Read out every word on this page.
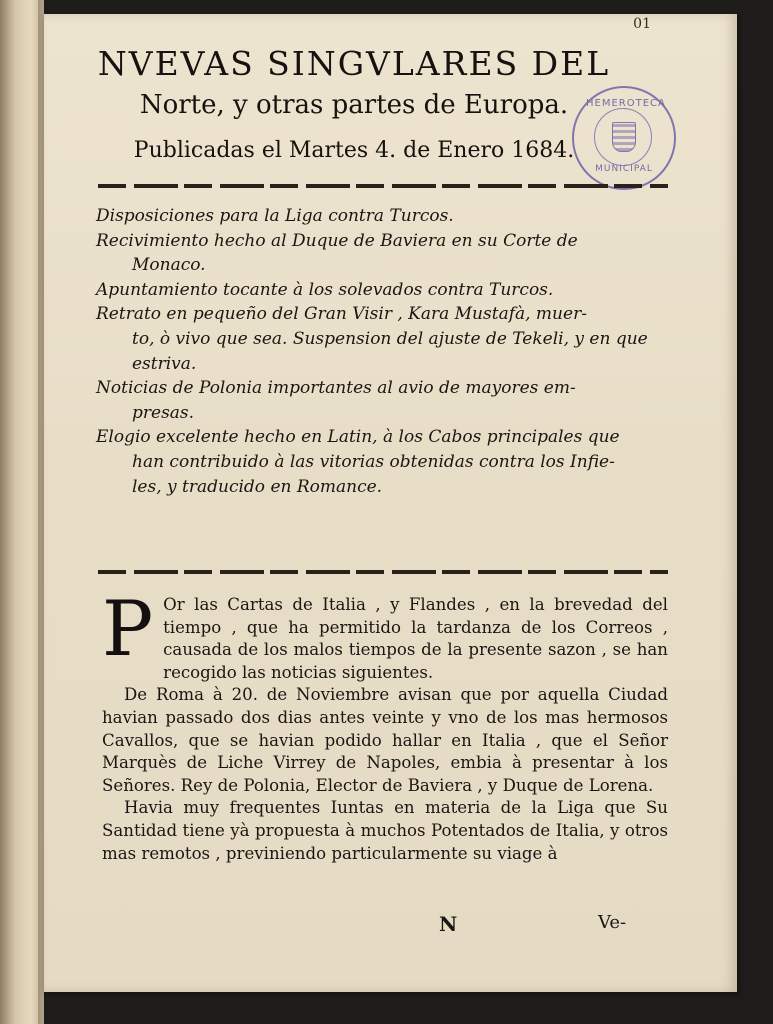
01
NVEVAS SINGVLARES DEL
Norte, y otras partes de Europa.
Publicadas el Martes 4. de Enero 1684.
HEMEROTECA
MUNICIPAL
Disposiciones para la Liga contra Turcos.
Recivimiento hecho al Duque de Baviera en su Corte de
Monaco.
Apuntamiento tocante à los solevados contra Turcos.
Retrato en pequeño del Gran Visir , Kara Mustafà, muer-
to, ò vivo que sea. Suspension del ajuste de Tekeli, y en que
estriva.
Noticias de Polonia importantes al avio de mayores em-
presas.
Elogio excelente hecho en Latin, à los Cabos principales que
han contribuido à las vitorias obtenidas contra los Infie-
les, y traducido en Romance.

P Or las Cartas de Italia , y Flandes , en la brevedad del tiempo , que ha permitido la tardanza de los Correos , causada de los malos tiempos de la presente sazon , se han recogido las noticias siguientes.

De Roma à 20. de Noviembre avisan que por aquella Ciudad havian passado dos dias antes veinte y vno de los mas hermosos Cavallos, que se havian podido hallar en Italia , que el Señor Marquès de Liche Virrey de Napoles, embia à presentar à los Señores. Rey de Polonia, Elector de Baviera , y Duque de Lorena.

Havia muy frequentes Iuntas en materia de la Liga que Su Santidad tiene yà propuesta à muchos Potentados de Italia, y otros mas remotos , previniendo particularmente su viage à

N	Ve-
